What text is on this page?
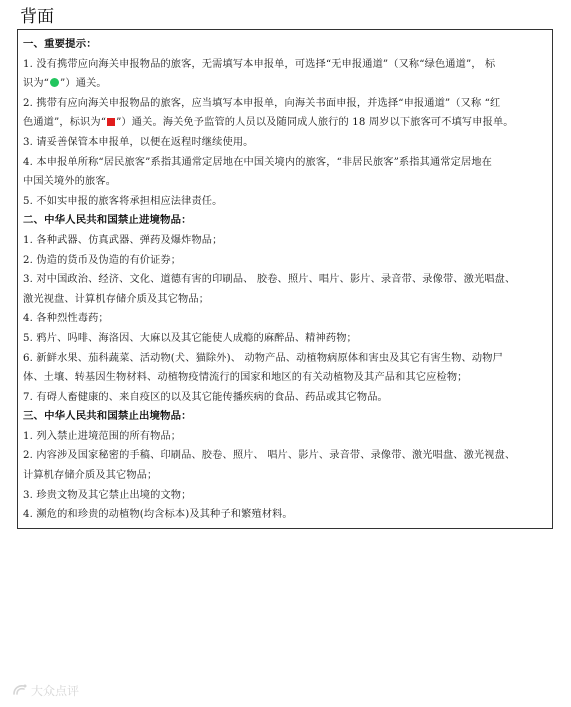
背面
一、重要提示：
1. 没有携带应向海关申报物品的旅客，无需填写本申报单，可选择“无申报通道”（又称“绿色通道”， 标
识为“ ”）通关。
2. 携带有应向海关申报物品的旅客，应当填写本申报单，向海关书面申报，并选择“申报通道”（又称 “红
色通道”，标识为“ ”）通关。海关免予监管的人员以及随同成人旅行的 18 周岁以下旅客可不填写申报单。
3. 请妥善保管本申报单，以便在返程时继续使用。
4. 本申报单所称“居民旅客”系指其通常定居地在中国关境内的旅客，“非居民旅客”系指其通常定居地在
中国关境外的旅客。
5. 不如实申报的旅客将承担相应法律责任。
二、中华人民共和国禁止进境物品：
1. 各种武器、仿真武器、弹药及爆炸物品；
2. 伪造的货币及伪造的有价证券；
3. 对中国政治、经济、文化、道德有害的印刷品、 胶卷、照片、唱片、影片、录音带、录像带、激光唱盘、
激光视盘、计算机存储介质及其它物品；
4. 各种烈性毒药；
5. 鸦片、吗啡、海洛因、大麻以及其它能使人成瘾的麻醉品、精神药物；
6. 新鲜水果、茄科蔬菜、活动物(犬、猫除外)、 动物产品、动植物病原体和害虫及其它有害生物、动物尸
体、土壤、转基因生物材料、动植物疫情流行的国家和地区的有关动植物及其产品和其它应检物；
7. 有碍人畜健康的、来自疫区的以及其它能传播疾病的食品、药品或其它物品。
三、中华人民共和国禁止出境物品：
1. 列入禁止进境范围的所有物品；
2. 内容涉及国家秘密的手稿、印刷品、胶卷、照片、 唱片、影片、录音带、录像带、激光唱盘、激光视盘、
计算机存储介质及其它物品；
3. 珍贵文物及其它禁止出境的文物；
4. 濒危的和珍贵的动植物(均含标本)及其种子和繁殖材料。
大众点评
